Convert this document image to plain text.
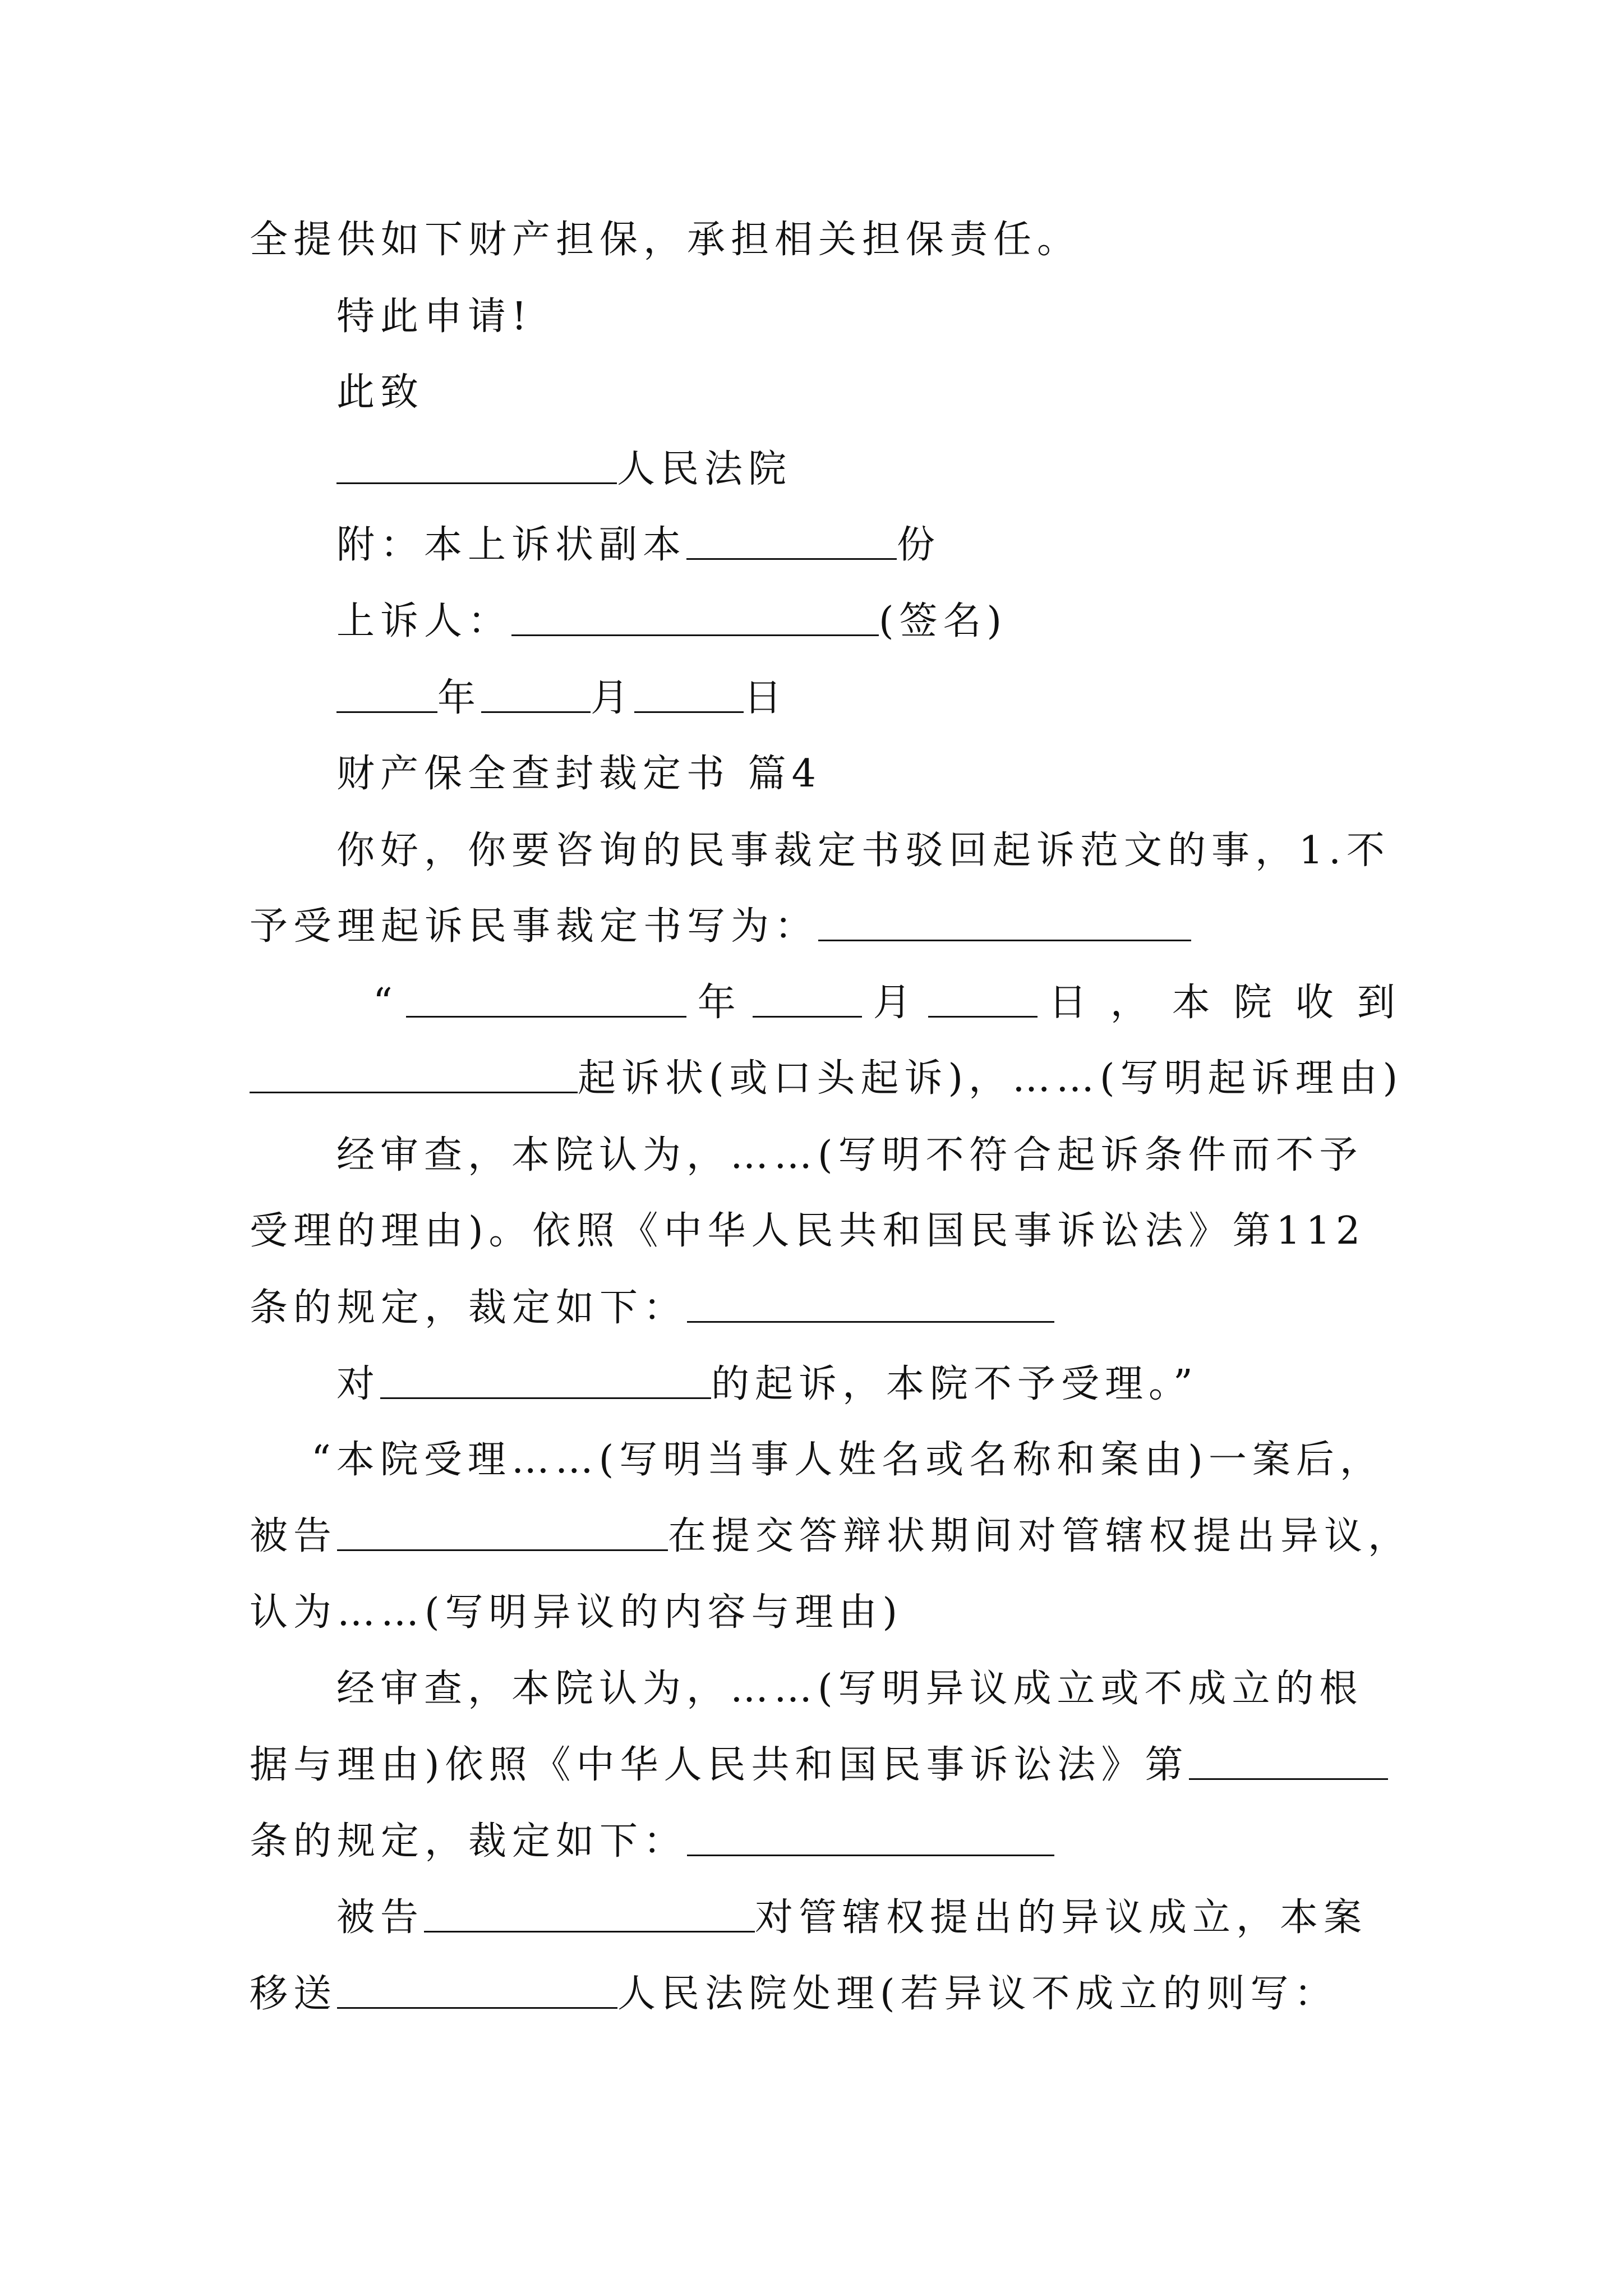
全提供如下财产担保，承担相关担保责任。
特此申请!
此致
人民法院
附：本上诉状副本	份
上诉人：	(签名)
年	月	日
财产保全查封裁定书 篇4
你好，你要咨询的民事裁定书驳回起诉范文的事，1.不
予受理起诉民事裁定书写为：
“	年	月	日，本院收到
起诉状(或口头起诉)，……(写明起诉理由)
经审查，本院认为，……(写明不符合起诉条件而不予
受理的理由)。依照《中华人民共和国民事诉讼法》第112
条的规定，裁定如下：
对	的起诉，本院不予受理。”
“本院受理……(写明当事人姓名或名称和案由)一案后，
被告	在提交答辩状期间对管辖权提出异议，
认为……(写明异议的内容与理由)
经审查，本院认为，……(写明异议成立或不成立的根
据与理由)依照《中华人民共和国民事诉讼法》第
条的规定，裁定如下：
被告	对管辖权提出的异议成立，本案
移送	人民法院处理(若异议不成立的则写：
